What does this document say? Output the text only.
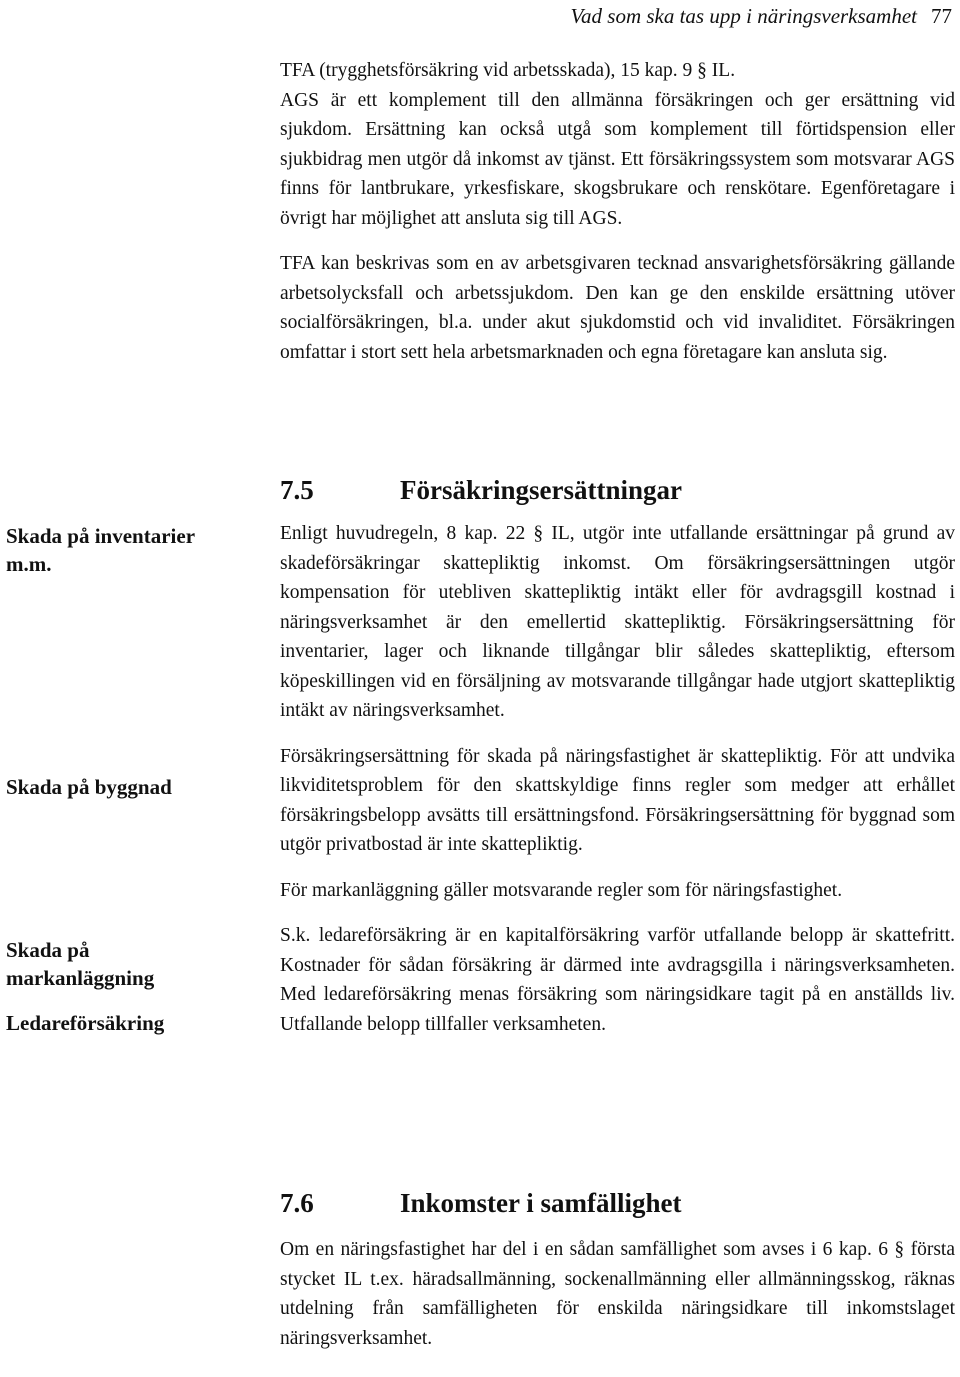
Vad som ska tas upp i näringsverksamhet 77

TFA (trygghetsförsäkring vid arbetsskada), 15 kap. 9 § IL.

AGS är ett komplement till den allmänna försäkringen och ger ersättning vid sjukdom. Ersättning kan också utgå som komplement till förtidspension eller sjukbidrag men utgör då inkomst av tjänst. Ett försäkringssystem som motsvarar AGS finns för lantbrukare, yrkesfiskare, skogsbrukare och renskötare. Egenföretagare i övrigt har möjlighet att ansluta sig till AGS.

TFA kan beskrivas som en av arbetsgivaren tecknad ansvarighetsförsäkring gällande arbetsolycksfall och arbetssjukdom. Den kan ge den enskilde ersättning utöver socialförsäkringen, bl.a. under akut sjukdomstid och vid invaliditet. Försäkringen omfattar i stort sett hela arbetsmarknaden och egna företagare kan ansluta sig.

7.5	Försäkringsersättningar

Enligt huvudregeln, 8 kap. 22 § IL, utgör inte utfallande ersättningar på grund av skadeförsäkringar skattepliktig inkomst. Om försäkringsersättningen utgör kompensation för utebliven skattepliktig intäkt eller för avdragsgill kostnad i näringsverksamhet är den emellertid skattepliktig. Försäkringsersättning för inventarier, lager och liknande tillgångar blir således skattepliktig, eftersom köpeskillingen vid en försäljning av motsvarande tillgångar hade utgjort skattepliktig intäkt av näringsverksamhet.

Försäkringsersättning för skada på näringsfastighet är skattepliktig. För att undvika likviditetsproblem för den skattskyldige finns regler som medger att erhållet försäkringsbelopp avsätts till ersättningsfond. Försäkringsersättning för byggnad som utgör privatbostad är inte skattepliktig.

För markanläggning gäller motsvarande regler som för näringsfastighet.

S.k. ledareförsäkring är en kapitalförsäkring varför utfallande belopp är skattefritt. Kostnader för sådan försäkring är därmed inte avdragsgilla i näringsverksamheten. Med ledareförsäkring menas försäkring som näringsidkare tagit på en anställds liv. Utfallande belopp tillfaller verksamheten.

7.6	Inkomster i samfällighet

Om en näringsfastighet har del i en sådan samfällighet som avses i 6 kap. 6 § första stycket IL t.ex. häradsallmänning, sockenallmänning eller allmänningsskog, räknas utdelning från samfälligheten för enskilda näringsidkare till inkomstslaget näringsverksamhet.

Skada på inventarier m.m.
Skada på byggnad
Skada på markanläggning
Ledareförsäkring
